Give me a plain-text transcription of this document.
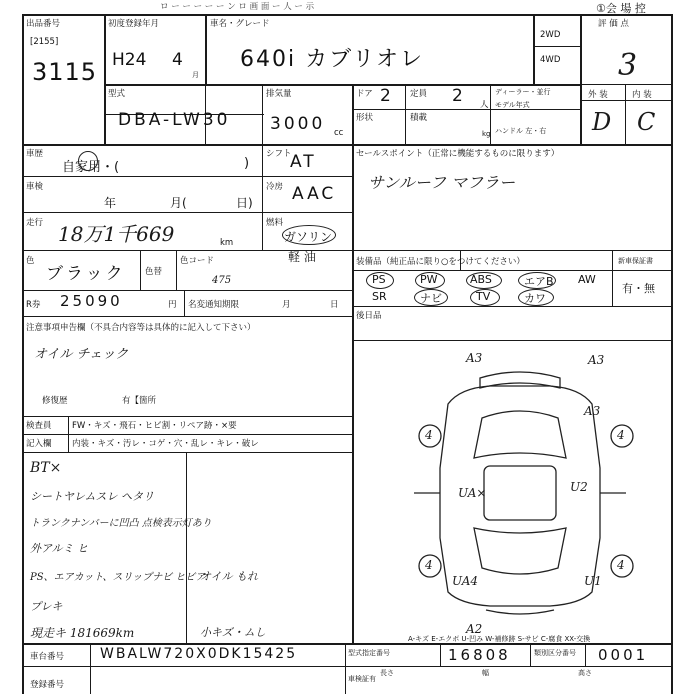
ロ ー ー ー ー ー ン ロ 画 面 ー 人 ー 示	①会 場 控
出品番号
[2155]
3115
初度登録年月
H24 4
月
車名・グレード
640i カブリオレ
2WD
4WD
評 価 点
3
外 装	内 装
D C
型式
DBA-LW30
排気量
3000 cc
ドア 2 定員 2 人
ディーラー・並行
モデル年式
ハンドル 左・右
形状	積載
kg
車歴
自家用・(	)
シフト
AT	セールスポイント（正常に機能するものに限ります）
サンルーフ マフラー
車検
年	月(	日)
冷房 AAC
走行 18万1千669	km
燃料
ガソリン
軽 油
色
ブラック 色替
色コード
475
装備品（純正品に限り○をつけてください）	新車保証書
有・無
PS	PW	ABS	エアB AW
SR	ナビ	TV	カワ
後日品
R券 25090	円 名変通知期限	月	日
注意事項申告欄（不具合内容等は具体的に記入して下さい）
オイル チェック
修復歴	有【箇所
検査員
記入欄
FW・キズ・飛石・ヒビ割・リペア跡・×要
内装・キズ・汚レ・コゲ・穴・乱レ・キレ・破レ
BT×
シートヤレムスレ へタリ
トランクナンバーに凹凸 点検表示灯あり
外アルミ ヒ
PS、エアカット、スリップナビ ヒビア
プレキ
オイル もれ
現走キ 181669km	小キズ・ムし
A3	A3
A3
4	4
UA×	U2
4	4
UA4	U1
A2
A-キズ E-エクボ U-凹み W-補修跡 S-サビ C-腐食 XX-交換
車台番号	WBALW720X0DK15425	型式指定番号	16808	類別区分番号 0001
登録番号
車検証有
長さ	幅	高さ
